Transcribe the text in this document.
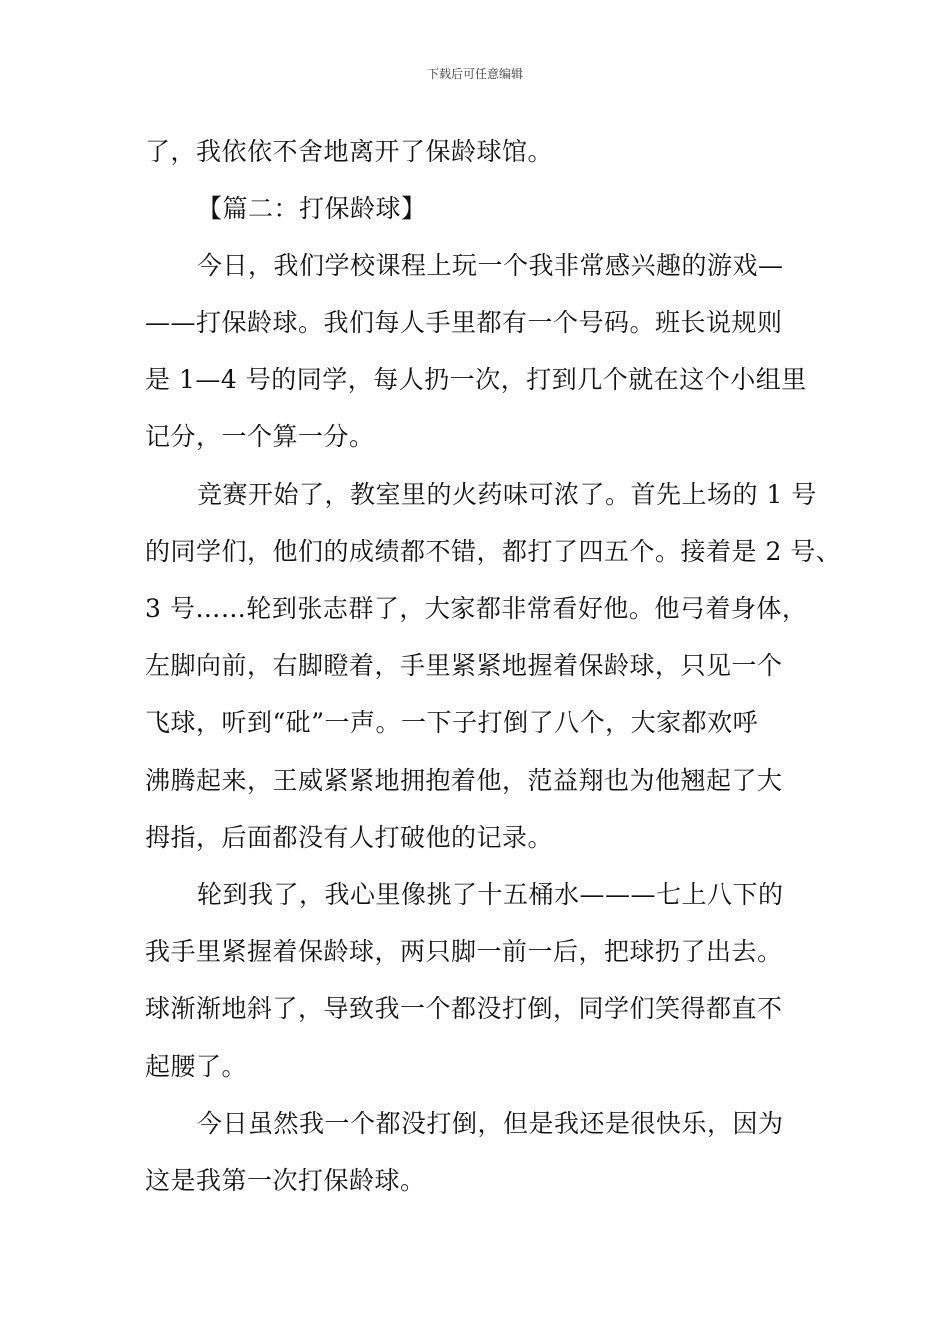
下载后可任意编辑
了，我依依不舍地离开了保龄球馆。
【篇二：打保龄球】
今日，我们学校课程上玩一个我非常感兴趣的游戏—
——打保龄球。我们每人手里都有一个号码。班长说规则
是 1—4 号的同学，每人扔一次，打到几个就在这个小组里
记分，一个算一分。
竞赛开始了，教室里的火药味可浓了。首先上场的 1 号
的同学们，他们的成绩都不错，都打了四五个。接着是 2 号、
3 号……轮到张志群了，大家都非常看好他。他弓着身体，
左脚向前，右脚瞪着，手里紧紧地握着保龄球，只见一个
飞球，听到“砒”一声。一下子打倒了八个，大家都欢呼
沸腾起来，王威紧紧地拥抱着他，范益翔也为他翘起了大
拇指，后面都没有人打破他的记录。
轮到我了，我心里像挑了十五桶水———七上八下的
我手里紧握着保龄球，两只脚一前一后，把球扔了出去。
球渐渐地斜了，导致我一个都没打倒，同学们笑得都直不
起腰了。
今日虽然我一个都没打倒，但是我还是很快乐，因为
这是我第一次打保龄球。
